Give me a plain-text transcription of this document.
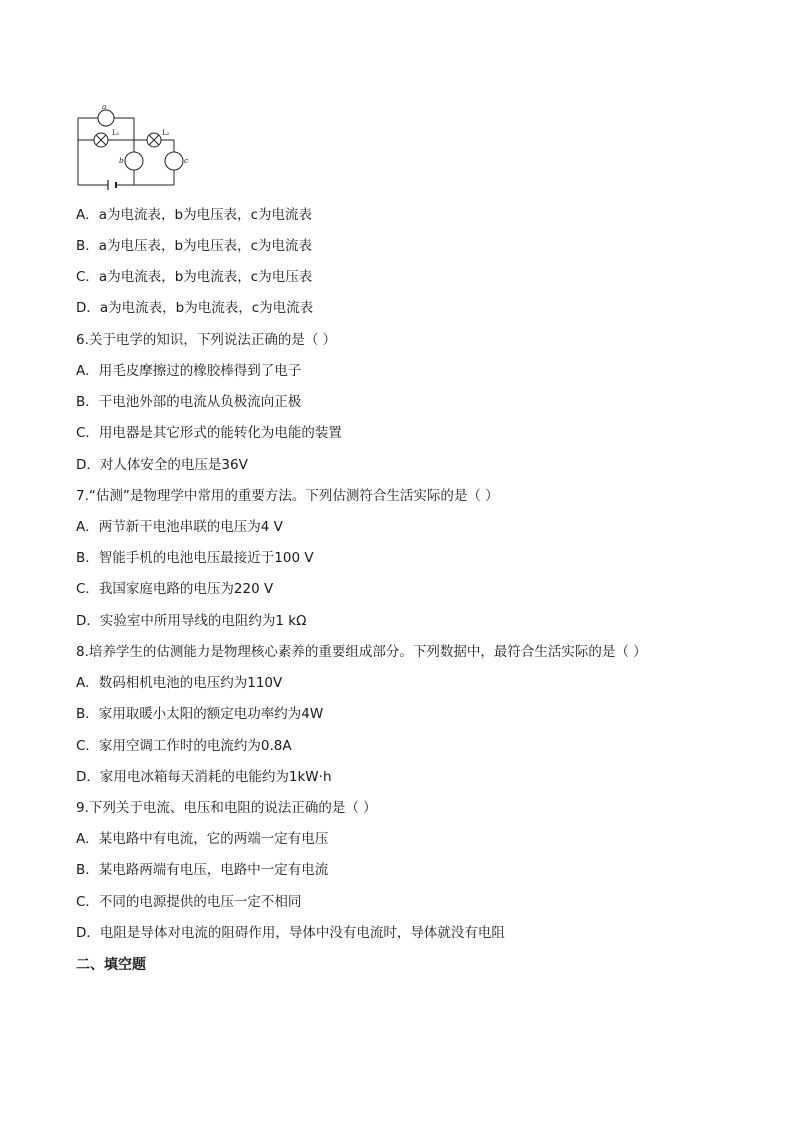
a
L₁	L₂
b	c
A．a为电流表，b为电压表，c为电流表
B．a为电压表，b为电压表，c为电流表
C．a为电流表，b为电流表，c为电压表
D．a为电流表，b为电流表，c为电流表
6.关于电学的知识，下列说法正确的是（ ）
A．用毛皮摩擦过的橡胶棒得到了电子
B．干电池外部的电流从负极流向正极
C．用电器是其它形式的能转化为电能的装置
D．对人体安全的电压是36V
7.“估测”是物理学中常用的重要方法。下列估测符合生活实际的是（ ）
A．两节新干电池串联的电压为4 V
B．智能手机的电池电压最接近于100 V
C．我国家庭电路的电压为220 V
D．实验室中所用导线的电阻约为1 kΩ
8.培养学生的估测能力是物理核心素养的重要组成部分。下列数据中，最符合生活实际的是（ ）
A．数码相机电池的电压约为110V
B．家用取暖小太阳的额定电功率约为4W
C．家用空调工作时的电流约为0.8A
D．家用电冰箱每天消耗的电能约为1kW·h
9.下列关于电流、电压和电阻的说法正确的是（ ）
A．某电路中有电流，它的两端一定有电压
B．某电路两端有电压，电路中一定有电流
C．不同的电源提供的电压一定不相同
D．电阻是导体对电流的阻碍作用，导体中没有电流时，导体就没有电阻
二、填空题
